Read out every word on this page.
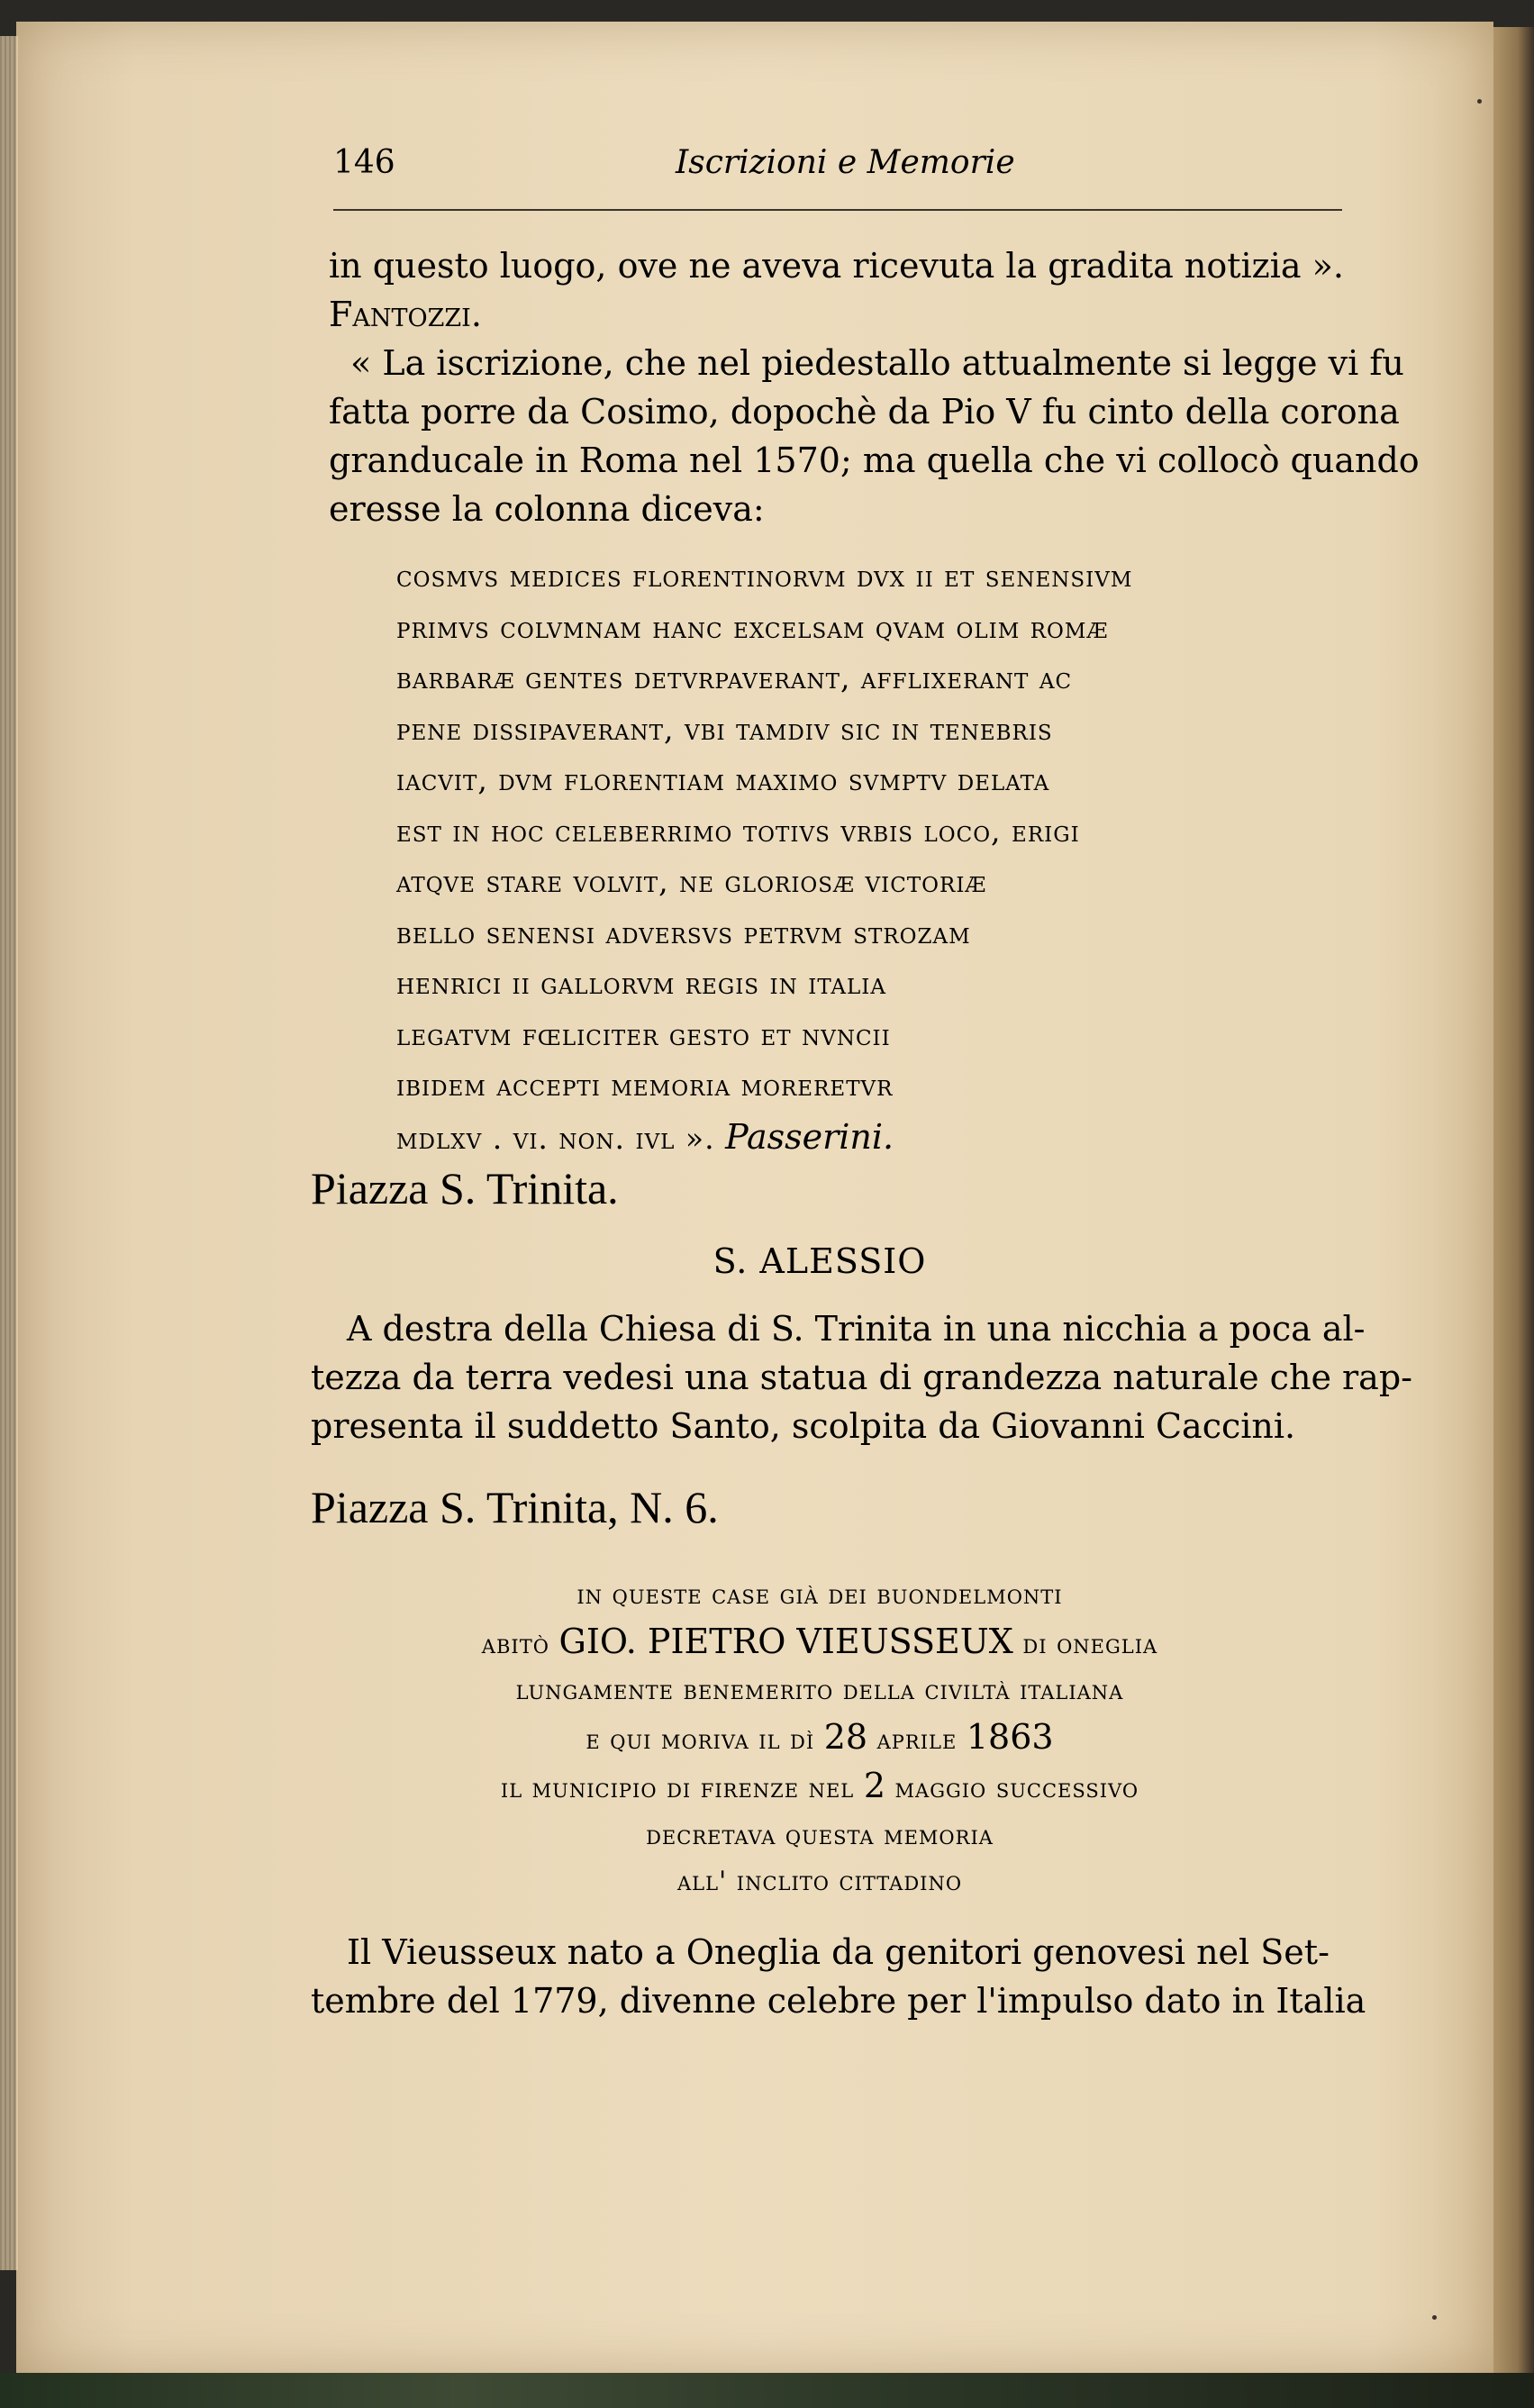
146	Iscrizioni e Memorie
in questo luogo, ove ne aveva ricevuta la gradita notizia ».
Fantozzi.
« La iscrizione, che nel piedestallo attualmente si legge vi fu
fatta porre da Cosimo, dopochè da Pio V fu cinto della corona
granducale in Roma nel 1570; ma quella che vi collocò quando
eresse la colonna diceva:
cosmvs medices florentinorvm dvx ii et senensivm
primvs colvmnam hanc excelsam qvam olim romæ
barbaræ gentes detvrpaverant, afflixerant ac
pene dissipaverant, vbi tamdiv sic in tenebris
iacvit, dvm florentiam maximo svmptv delata
est in hoc celeberrimo totivs vrbis loco, erigi
atqve stare volvit, ne gloriosæ victoriæ
bello senensi adversvs petrvm strozam
henrici ii gallorvm regis in italia
legatvm fœliciter gesto et nvncii
ibidem accepti memoria moreretvr
mdlxv . vi. non. ivl ». Passerini.
Piazza S. Trinita.
S. ALESSIO
A destra della Chiesa di S. Trinita in una nicchia a poca al-
tezza da terra vedesi una statua di grandezza naturale che rap-
presenta il suddetto Santo, scolpita da Giovanni Caccini.
Piazza S. Trinita, N. 6.
in queste case già dei buondelmonti
abitò GIO. PIETRO VIEUSSEUX di oneglia
lungamente benemerito della civiltà italiana
e qui moriva il dì 28 aprile 1863
il municipio di firenze nel 2 maggio successivo
decretava questa memoria
all' inclito cittadino
Il Vieusseux nato a Oneglia da genitori genovesi nel Set-
tembre del 1779, divenne celebre per l'impulso dato in Italia
